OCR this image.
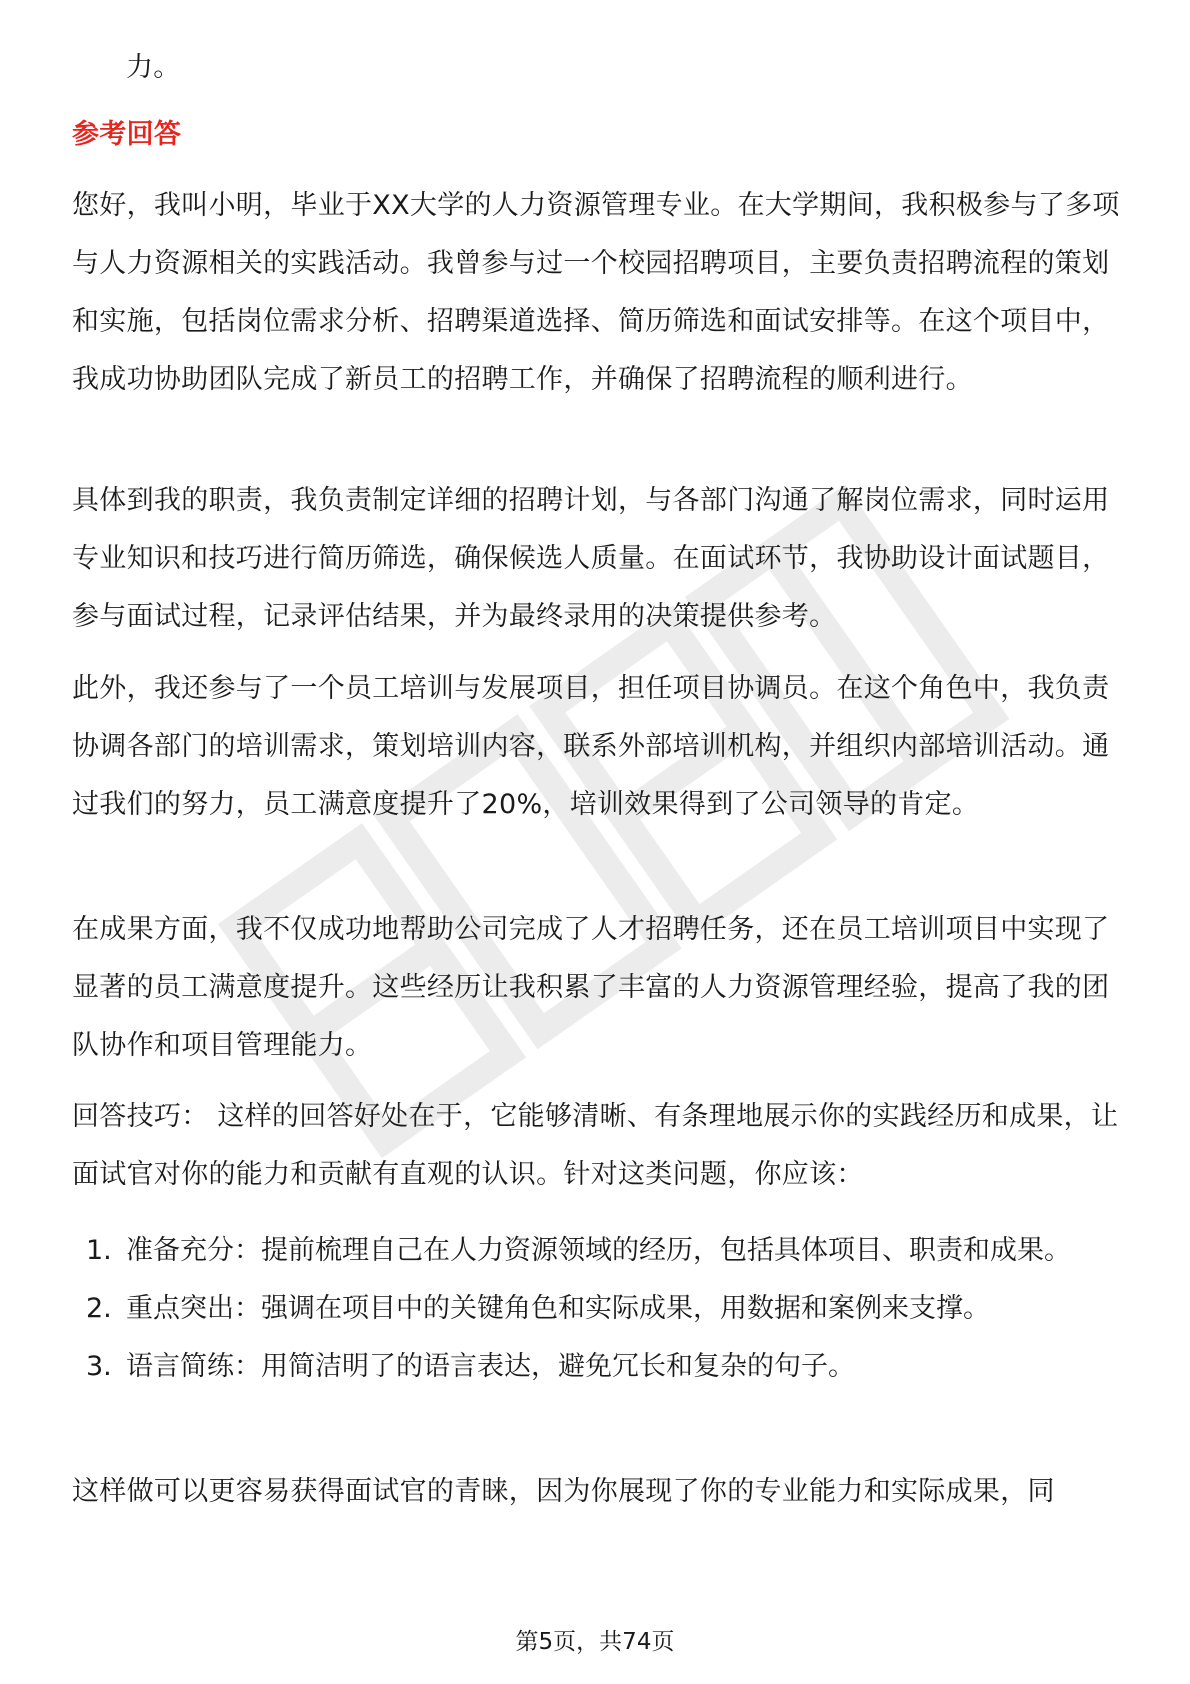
力。

参考回答

您好，我叫小明，毕业于XX大学的人力资源管理专业。在大学期间，我积极参与了多项与人力资源相关的实践活动。我曾参与过一个校园招聘项目，主要负责招聘流程的策划和实施，包括岗位需求分析、招聘渠道选择、简历筛选和面试安排等。在这个项目中，我成功协助团队完成了新员工的招聘工作，并确保了招聘流程的顺利进行。

具体到我的职责，我负责制定详细的招聘计划，与各部门沟通了解岗位需求，同时运用专业知识和技巧进行简历筛选，确保候选人质量。在面试环节，我协助设计面试题目，参与面试过程，记录评估结果，并为最终录用的决策提供参考。

此外，我还参与了一个员工培训与发展项目，担任项目协调员。在这个角色中，我负责协调各部门的培训需求，策划培训内容，联系外部培训机构，并组织内部培训活动。通过我们的努力，员工满意度提升了20%，培训效果得到了公司领导的肯定。

在成果方面，我不仅成功地帮助公司完成了人才招聘任务，还在员工培训项目中实现了显著的员工满意度提升。这些经历让我积累了丰富的人力资源管理经验，提高了我的团队协作和项目管理能力。

回答技巧： 这样的回答好处在于，它能够清晰、有条理地展示你的实践经历和成果，让面试官对你的能力和贡献有直观的认识。针对这类问题，你应该：

1. 准备充分：提前梳理自己在人力资源领域的经历，包括具体项目、职责和成果。
2. 重点突出：强调在项目中的关键角色和实际成果，用数据和案例来支撑。
3. 语言简练：用简洁明了的语言表达，避免冗长和复杂的句子。

这样做可以更容易获得面试官的青睐，因为你展现了你的专业能力和实际成果，同

第5页，共74页
